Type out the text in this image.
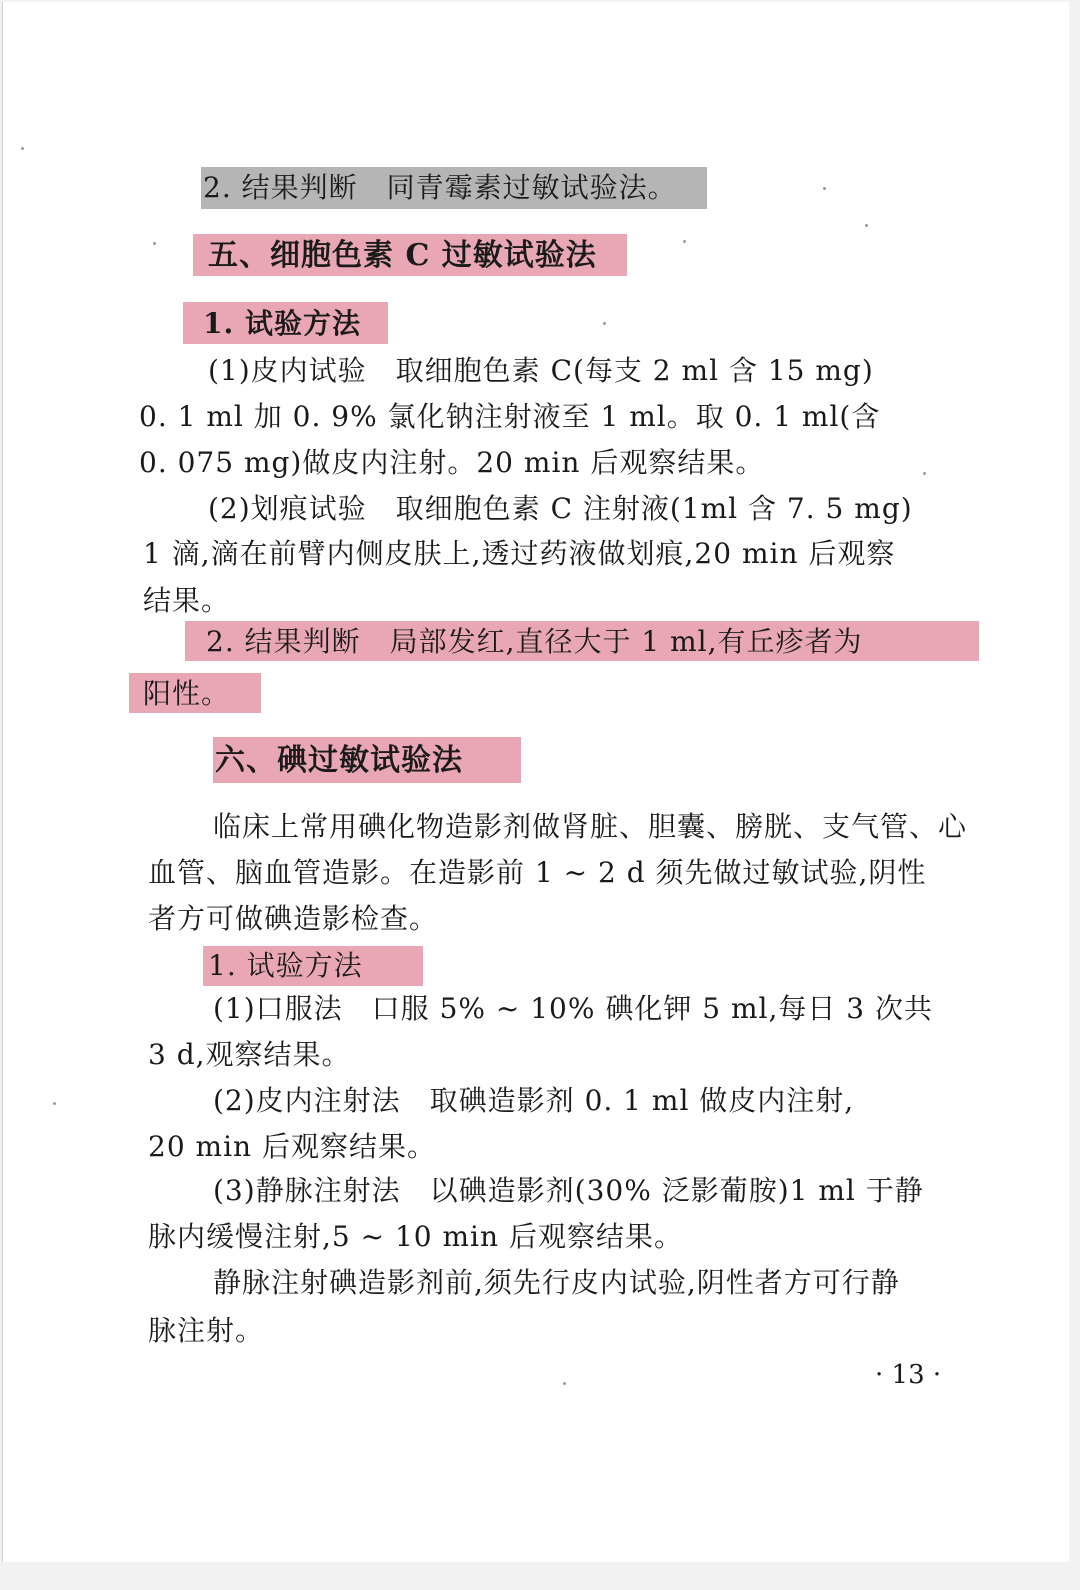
2. 结果判断　同青霉素过敏试验法。
五、细胞色素 C 过敏试验法
1. 试验方法
(1)皮内试验　取细胞色素 C(每支 2 ml 含 15 mg)
0. 1 ml 加 0. 9% 氯化钠注射液至 1 ml。取 0. 1 ml(含
0. 075 mg)做皮内注射。20 min 后观察结果。
(2)划痕试验　取细胞色素 C 注射液(1ml 含 7. 5 mg)
1 滴,滴在前臂内侧皮肤上,透过药液做划痕,20 min 后观察
结果。
2. 结果判断　局部发红,直径大于 1 ml,有丘疹者为
阳性。
六、碘过敏试验法
临床上常用碘化物造影剂做肾脏、胆囊、膀胱、支气管、心
血管、脑血管造影。在造影前 1 ~ 2 d 须先做过敏试验,阴性
者方可做碘造影检查。
1. 试验方法
(1)口服法　口服 5% ~ 10% 碘化钾 5 ml,每日 3 次共
3 d,观察结果。
(2)皮内注射法　取碘造影剂 0. 1 ml 做皮内注射,
20 min 后观察结果。
(3)静脉注射法　以碘造影剂(30% 泛影葡胺)1 ml 于静
脉内缓慢注射,5 ~ 10 min 后观察结果。
静脉注射碘造影剂前,须先行皮内试验,阴性者方可行静
脉注射。
· 13 ·
